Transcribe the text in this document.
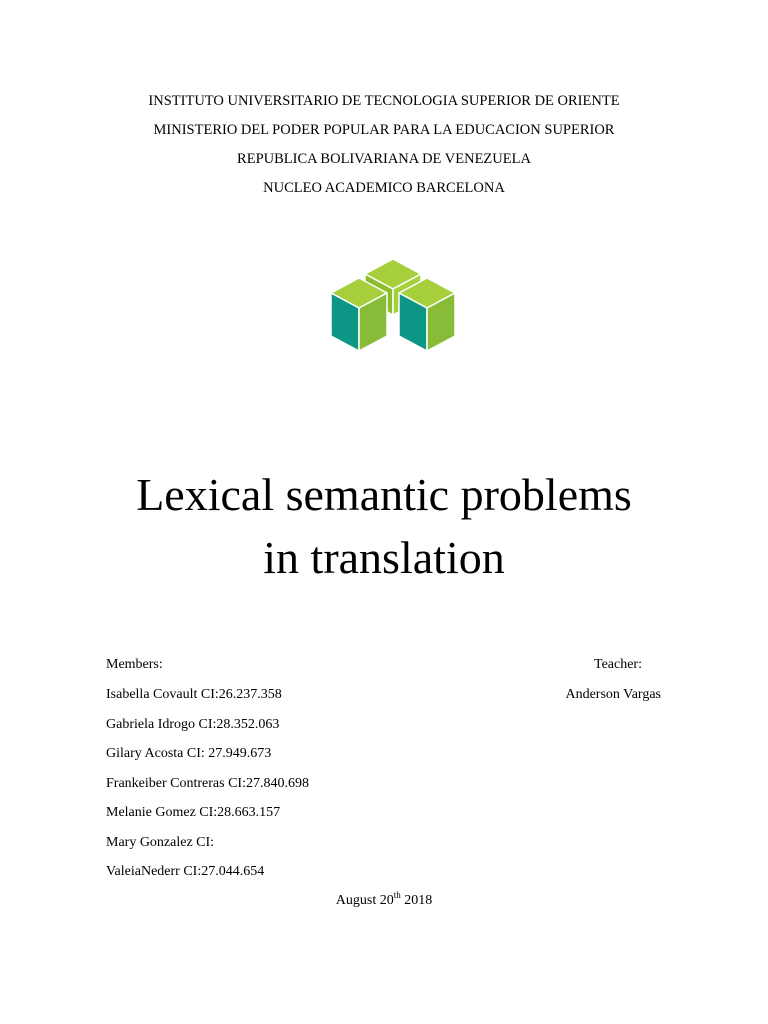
INSTITUTO UNIVERSITARIO DE TECNOLOGIA SUPERIOR DE ORIENTE
MINISTERIO DEL PODER POPULAR PARA LA EDUCACION SUPERIOR
REPUBLICA BOLIVARIANA DE VENEZUELA
NUCLEO ACADEMICO BARCELONA
Lexical semantic problems
in translation
Members:
Isabella Covault CI:26.237.358
Gabriela Idrogo CI:28.352.063
Gilary Acosta CI: 27.949.673
Frankeiber Contreras CI:27.840.698
Melanie Gomez CI:28.663.157
Mary Gonzalez CI:
ValeiaNederr CI:27.044.654
Teacher:
Anderson Vargas
August 20th 2018
